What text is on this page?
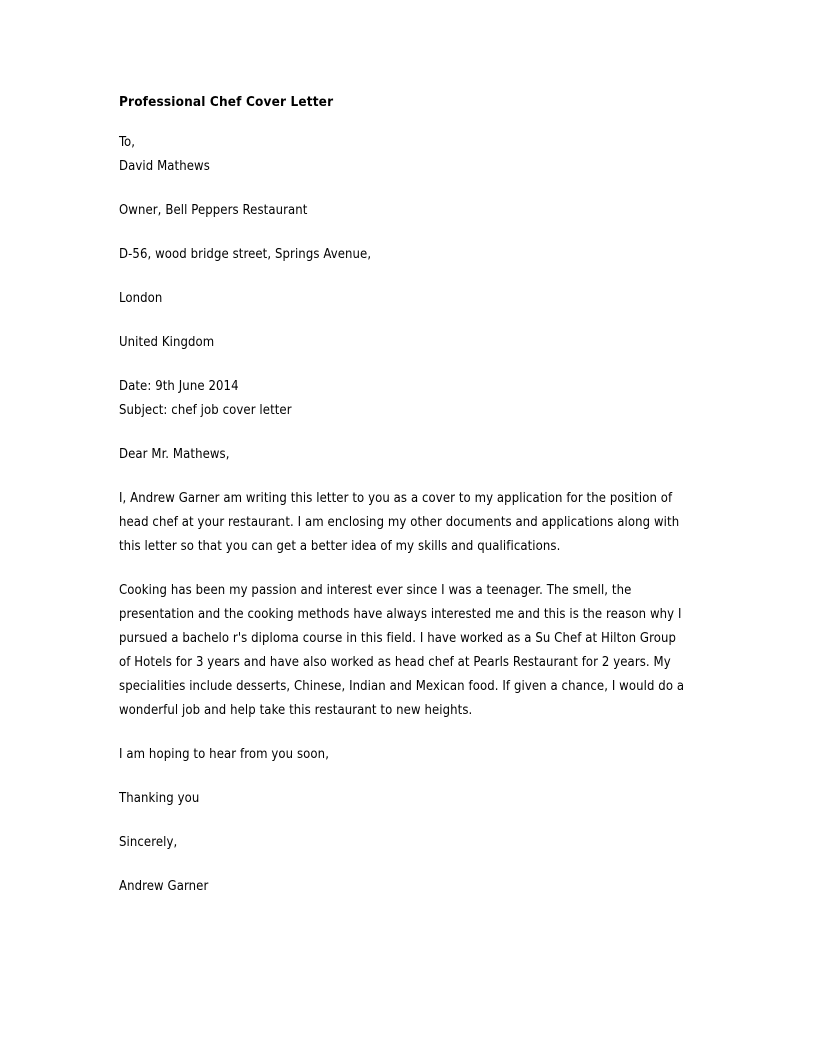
Professional Chef Cover Letter
To,
David Mathews
Owner, Bell Peppers Restaurant
D-56, wood bridge street, Springs Avenue,
London
United Kingdom
Date: 9th June 2014
Subject: chef job cover letter
Dear Mr. Mathews,

I, Andrew Garner am writing this letter to you as a cover to my application for the position of head chef at your restaurant. I am enclosing my other documents and applications along with this letter so that you can get a better idea of my skills and qualifications.

Cooking has been my passion and interest ever since I was a teenager. The smell, the presentation and the cooking methods have always interested me and this is the reason why I pursued a bachelo r's diploma course in this field. I have worked as a Su Chef at Hilton Group of Hotels for 3 years and have also worked as head chef at Pearls Restaurant for 2 years. My specialities include desserts, Chinese, Indian and Mexican food. If given a chance, I would do a wonderful job and help take this restaurant to new heights.

I am hoping to hear from you soon,
Thanking you
Sincerely,
Andrew Garner
